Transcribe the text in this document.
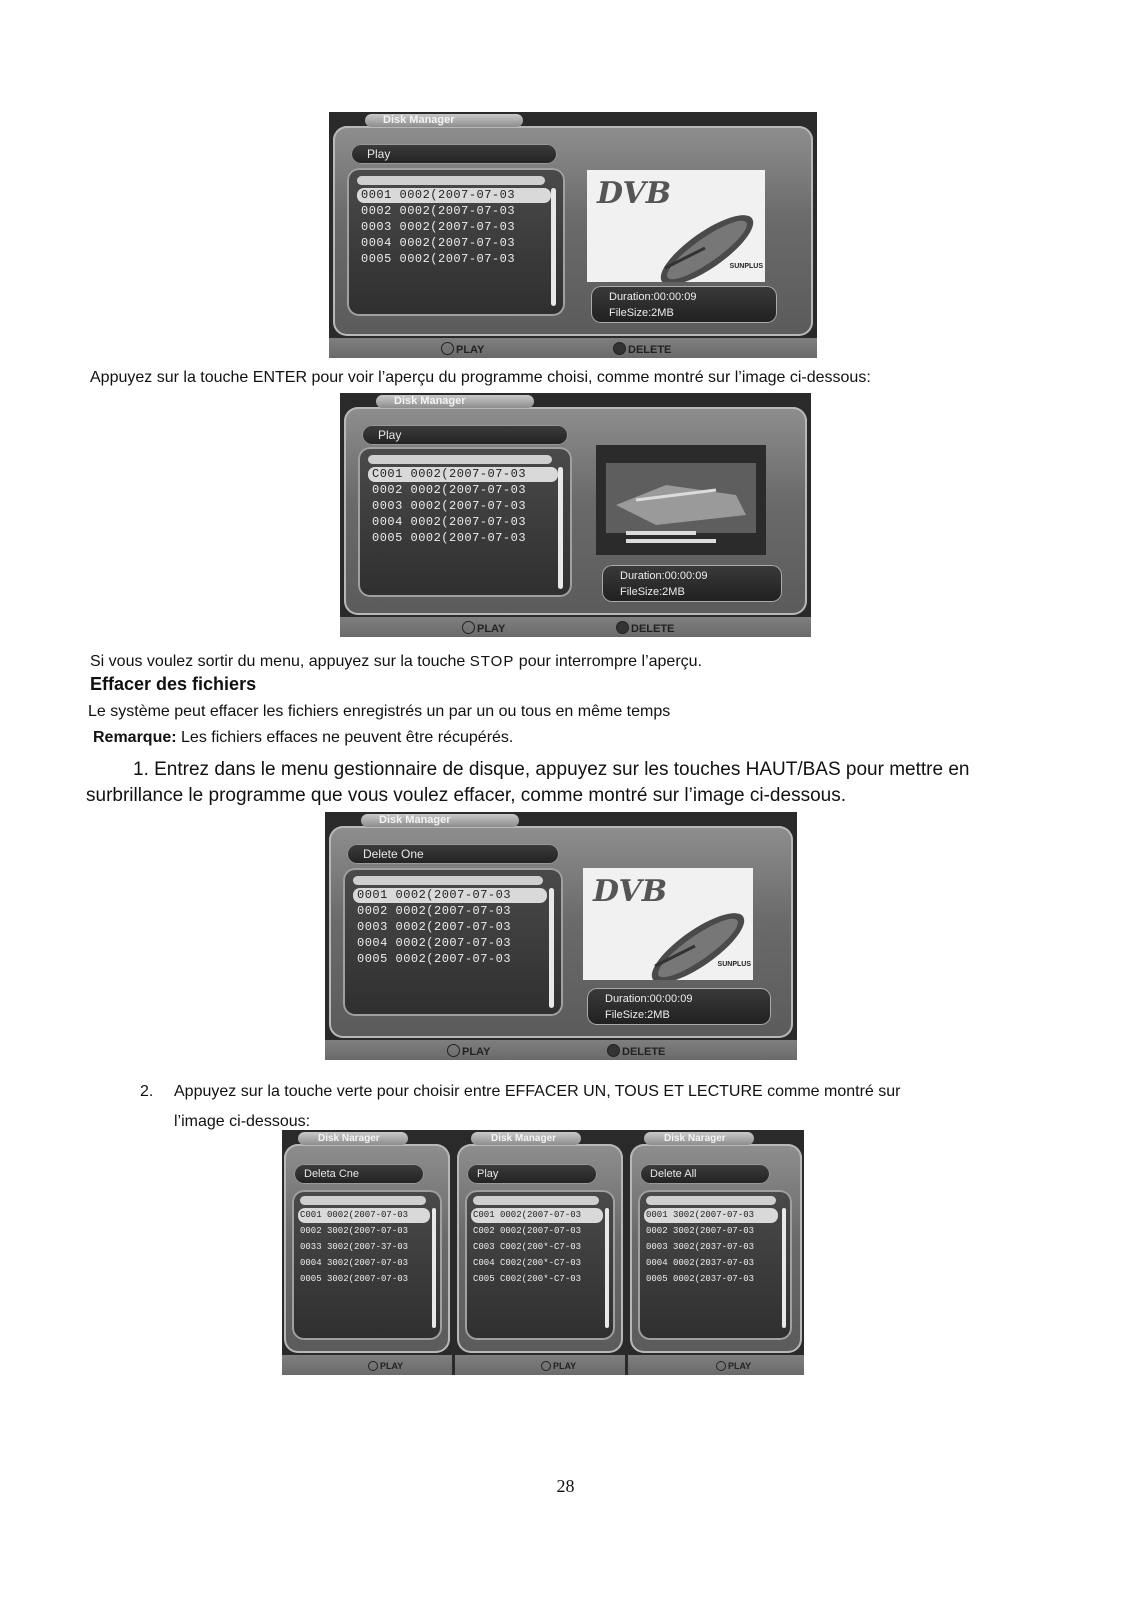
Disk Manager
Play
0001 0002(2007-07-03
0002 0002(2007-07-03
0003 0002(2007-07-03
0004 0002(2007-07-03
0005 0002(2007-07-03
DVB
SUNPLUS
Duration:00:00:09
FileSize:2MB
PLAY	DELETE
Appuyez sur la touche ENTER pour voir l’aperçu du programme choisi, comme montré sur l’image ci-dessous:
Disk Manager
Play
C001 0002(2007-07-03
0002 0002(2007-07-03
0003 0002(2007-07-03
0004 0002(2007-07-03
0005 0002(2007-07-03
Duration:00:00:09
FileSize:2MB
PLAY	DELETE
Si vous voulez sortir du menu, appuyez sur la touche STOP pour interrompre l’aperçu.
Effacer des fichiers
Le système peut effacer les fichiers enregistrés un par un ou tous en même temps
Remarque: Les fichiers effaces ne peuvent être récupérés.
1. Entrez dans le menu gestionnaire de disque, appuyez sur les touches HAUT/BAS pour mettre en
surbrillance le programme que vous voulez effacer, comme montré sur l’image ci-dessous.
Disk Manager
Delete One
0001 0002(2007-07-03
0002 0002(2007-07-03
0003 0002(2007-07-03
0004 0002(2007-07-03
0005 0002(2007-07-03
DVB
SUNPLUS
Duration:00:00:09
FileSize:2MB
PLAY	DELETE
2. Appuyez sur la touche verte pour choisir entre EFFACER UN, TOUS ET LECTURE comme montré sur
l’image ci-dessous:
Disk Narager
Deleta Cne
C001 0002(2007-07-03
0002 3002(2007-07-03
0033 3002(2007-37-03
0004 3002(2007-07-03
0005 3002(2007-07-03
PLAY
Disk Manager
Play
C001 0002(2007-07-03
C002 0002(2007-07-03
C003 C002(200*-C7-03
C004 C002(200*-C7-03
C005 C002(200*-C7-03
PLAY
Disk Narager
Delete All
0001 3002(2007-07-03
0002 3002(2007-07-03
0003 3002(2037-07-03
0004 0002(2037-07-03
0005 0002(2037-07-03
PLAY
28
